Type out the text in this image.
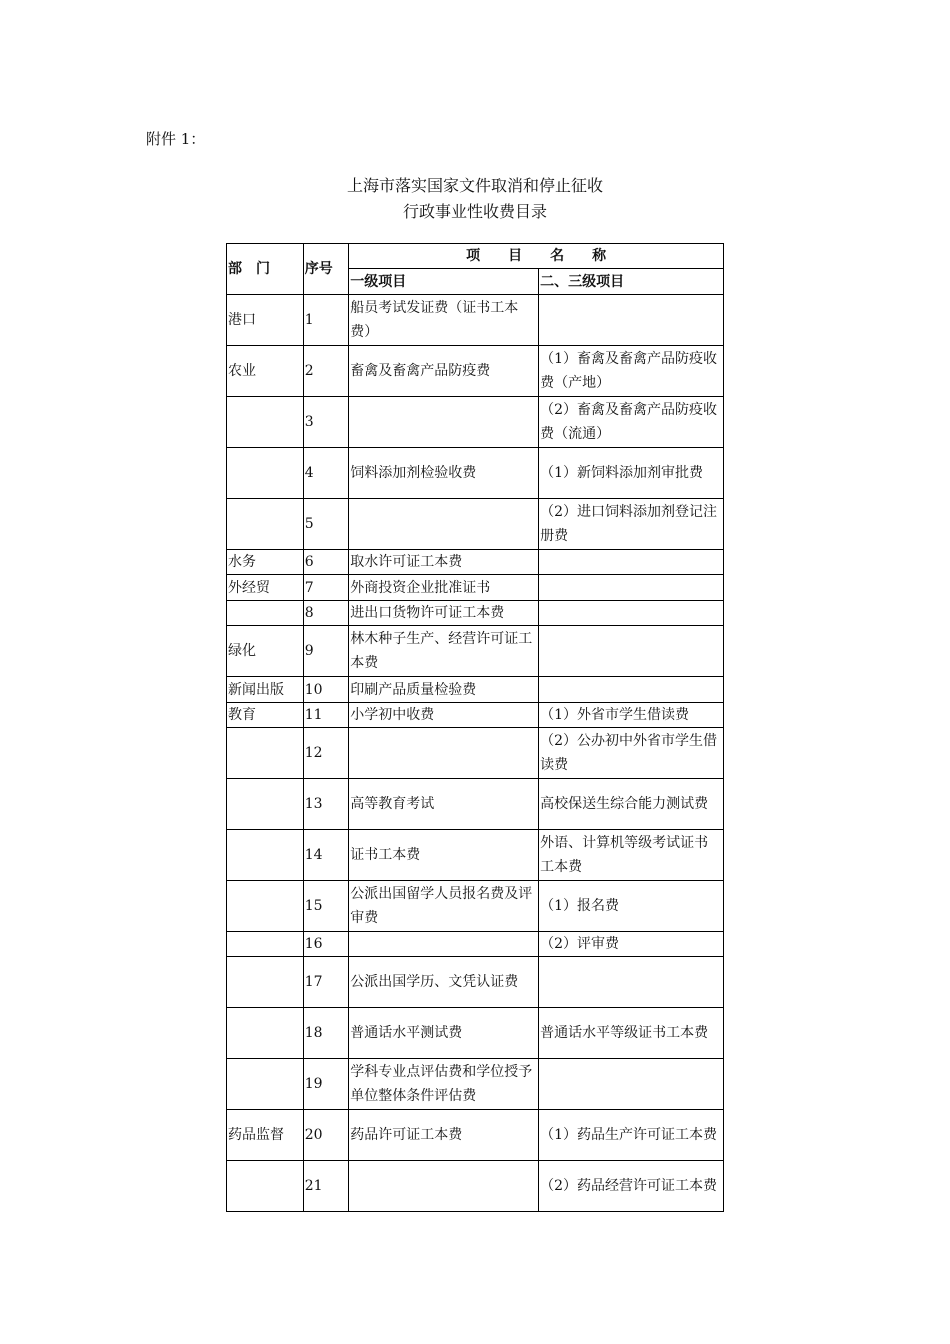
附件 1：
上海市落实国家文件取消和停止征收
行政事业性收费目录
部　门	序号	项　　目　　名　　称	
		一级项目	二、三级项目
港口	1	船员考试发证费（证书工本费）	
农业	2	畜禽及畜禽产品防疫费	（1）畜禽及畜禽产品防疫收费（产地）
	3		（2）畜禽及畜禽产品防疫收费（流通）
	4	饲料添加剂检验收费	（1）新饲料添加剂审批费
	5		（2）进口饲料添加剂登记注册费
水务	6	取水许可证工本费	
外经贸	7	外商投资企业批准证书	
	8	进出口货物许可证工本费	
绿化	9	林木种子生产、经营许可证工本费	
新闻出版	10	印刷产品质量检验费	
教育	11	小学初中收费	（1）外省市学生借读费
	12		（2）公办初中外省市学生借读费
	13	高等教育考试	高校保送生综合能力测试费
	14	证书工本费	外语、计算机等级考试证书工本费
	15	公派出国留学人员报名费及评审费	（1）报名费
	16		（2）评审费
	17	公派出国学历、文凭认证费	
	18	普通话水平测试费	普通话水平等级证书工本费
	19	学科专业点评估费和学位授予单位整体条件评估费	
药品监督	20	药品许可证工本费	（1）药品生产许可证工本费
	21		（2）药品经营许可证工本费
